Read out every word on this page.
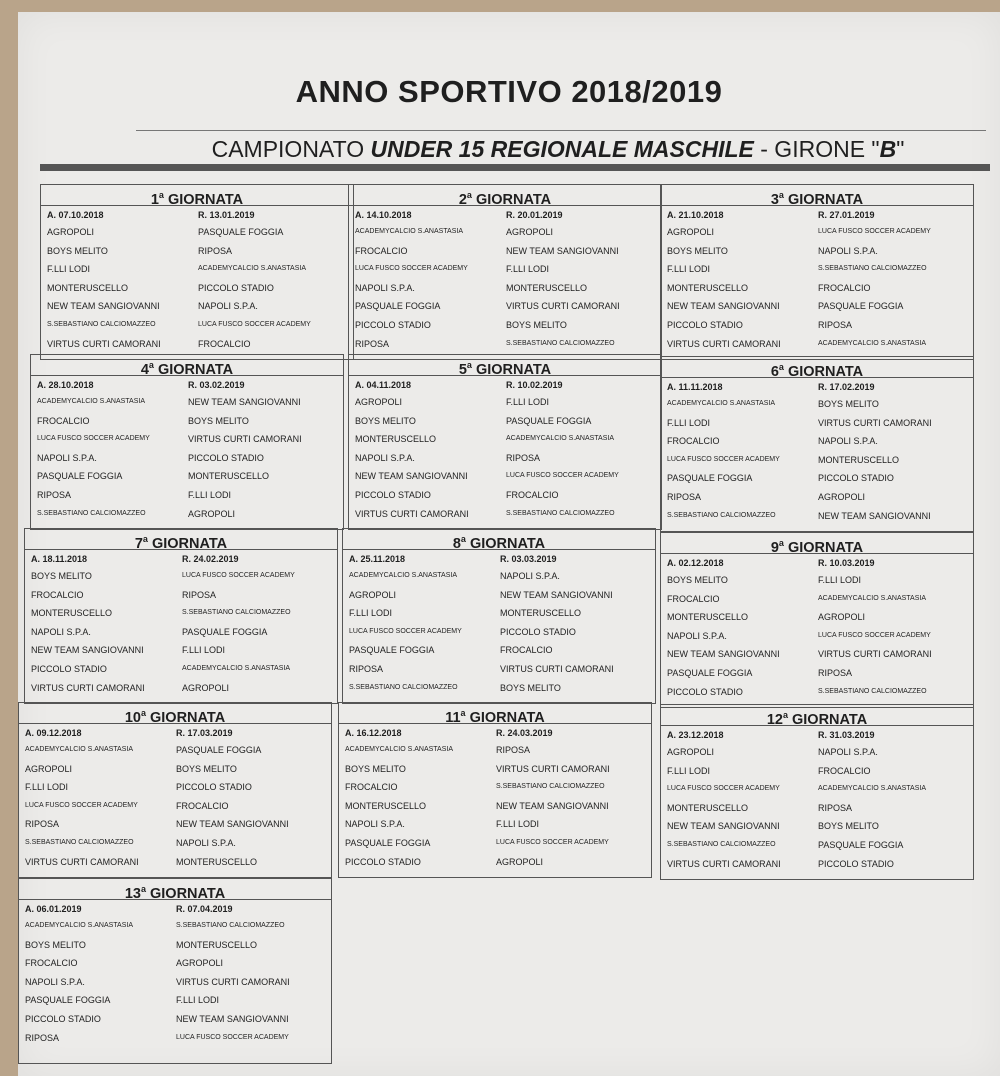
ANNO SPORTIVO 2018/2019
CAMPIONATO UNDER 15 REGIONALE MASCHILE - GIRONE "B"
1$^a$ GIORNATA
A. 07.10.2018
AGROPOLI
BOYS MELITO
F.LLI LODI
MONTERUSCELLO
NEW TEAM SANGIOVANNI
S.SEBASTIANO CALCIOMAZZEO
VIRTUS CURTI CAMORANI
R. 13.01.2019
PASQUALE FOGGIA
RIPOSA
ACADEMYCALCIO S.ANASTASIA
PICCOLO STADIO
NAPOLI S.P.A.
LUCA FUSCO SOCCER ACADEMY
FROCALCIO
2$^a$ GIORNATA
A. 14.10.2018
ACADEMYCALCIO S.ANASTASIA
FROCALCIO
LUCA FUSCO SOCCER ACADEMY
NAPOLI S.P.A.
PASQUALE FOGGIA
PICCOLO STADIO
RIPOSA
R. 20.01.2019
AGROPOLI
NEW TEAM SANGIOVANNI
F.LLI LODI
MONTERUSCELLO
VIRTUS CURTI CAMORANI
BOYS MELITO
S.SEBASTIANO CALCIOMAZZEO
3$^a$ GIORNATA
A. 21.10.2018
AGROPOLI
BOYS MELITO
F.LLI LODI
MONTERUSCELLO
NEW TEAM SANGIOVANNI
PICCOLO STADIO
VIRTUS CURTI CAMORANI
R. 27.01.2019
LUCA FUSCO SOCCER ACADEMY
NAPOLI S.P.A.
S.SEBASTIANO CALCIOMAZZEO
FROCALCIO
PASQUALE FOGGIA
RIPOSA
ACADEMYCALCIO S.ANASTASIA
4$^a$ GIORNATA
A. 28.10.2018
ACADEMYCALCIO S.ANASTASIA
FROCALCIO
LUCA FUSCO SOCCER ACADEMY
NAPOLI S.P.A.
PASQUALE FOGGIA
RIPOSA
S.SEBASTIANO CALCIOMAZZEO
R. 03.02.2019
NEW TEAM SANGIOVANNI
BOYS MELITO
VIRTUS CURTI CAMORANI
PICCOLO STADIO
MONTERUSCELLO
F.LLI LODI
AGROPOLI
5$^a$ GIORNATA
A. 04.11.2018
AGROPOLI
BOYS MELITO
MONTERUSCELLO
NAPOLI S.P.A.
NEW TEAM SANGIOVANNI
PICCOLO STADIO
VIRTUS CURTI CAMORANI
R. 10.02.2019
F.LLI LODI
PASQUALE FOGGIA
ACADEMYCALCIO S.ANASTASIA
RIPOSA
LUCA FUSCO SOCCER ACADEMY
FROCALCIO
S.SEBASTIANO CALCIOMAZZEO
6$^a$ GIORNATA
A. 11.11.2018
ACADEMYCALCIO S.ANASTASIA
F.LLI LODI
FROCALCIO
LUCA FUSCO SOCCER ACADEMY
PASQUALE FOGGIA
RIPOSA
S.SEBASTIANO CALCIOMAZZEO
R. 17.02.2019
BOYS MELITO
VIRTUS CURTI CAMORANI
NAPOLI S.P.A.
MONTERUSCELLO
PICCOLO STADIO
AGROPOLI
NEW TEAM SANGIOVANNI
7$^a$ GIORNATA
A. 18.11.2018
BOYS MELITO
FROCALCIO
MONTERUSCELLO
NAPOLI S.P.A.
NEW TEAM SANGIOVANNI
PICCOLO STADIO
VIRTUS CURTI CAMORANI
R. 24.02.2019
LUCA FUSCO SOCCER ACADEMY
RIPOSA
S.SEBASTIANO CALCIOMAZZEO
PASQUALE FOGGIA
F.LLI LODI
ACADEMYCALCIO S.ANASTASIA
AGROPOLI
8$^a$ GIORNATA
A. 25.11.2018
ACADEMYCALCIO S.ANASTASIA
AGROPOLI
F.LLI LODI
LUCA FUSCO SOCCER ACADEMY
PASQUALE FOGGIA
RIPOSA
S.SEBASTIANO CALCIOMAZZEO
R. 03.03.2019
NAPOLI S.P.A.
NEW TEAM SANGIOVANNI
MONTERUSCELLO
PICCOLO STADIO
FROCALCIO
VIRTUS CURTI CAMORANI
BOYS MELITO
9$^a$ GIORNATA
A. 02.12.2018
BOYS MELITO
FROCALCIO
MONTERUSCELLO
NAPOLI S.P.A.
NEW TEAM SANGIOVANNI
PASQUALE FOGGIA
PICCOLO STADIO
R. 10.03.2019
F.LLI LODI
ACADEMYCALCIO S.ANASTASIA
AGROPOLI
LUCA FUSCO SOCCER ACADEMY
VIRTUS CURTI CAMORANI
RIPOSA
S.SEBASTIANO CALCIOMAZZEO
10$^a$ GIORNATA
A. 09.12.2018
ACADEMYCALCIO S.ANASTASIA
AGROPOLI
F.LLI LODI
LUCA FUSCO SOCCER ACADEMY
RIPOSA
S.SEBASTIANO CALCIOMAZZEO
VIRTUS CURTI CAMORANI
R. 17.03.2019
PASQUALE FOGGIA
BOYS MELITO
PICCOLO STADIO
FROCALCIO
NEW TEAM SANGIOVANNI
NAPOLI S.P.A.
MONTERUSCELLO
11$^a$ GIORNATA
A. 16.12.2018
ACADEMYCALCIO S.ANASTASIA
BOYS MELITO
FROCALCIO
MONTERUSCELLO
NAPOLI S.P.A.
PASQUALE FOGGIA
PICCOLO STADIO
R. 24.03.2019
RIPOSA
VIRTUS CURTI CAMORANI
S.SEBASTIANO CALCIOMAZZEO
NEW TEAM SANGIOVANNI
F.LLI LODI
LUCA FUSCO SOCCER ACADEMY
AGROPOLI
12$^a$ GIORNATA
A. 23.12.2018
AGROPOLI
F.LLI LODI
LUCA FUSCO SOCCER ACADEMY
MONTERUSCELLO
NEW TEAM SANGIOVANNI
S.SEBASTIANO CALCIOMAZZEO
VIRTUS CURTI CAMORANI
R. 31.03.2019
NAPOLI S.P.A.
FROCALCIO
ACADEMYCALCIO S.ANASTASIA
RIPOSA
BOYS MELITO
PASQUALE FOGGIA
PICCOLO STADIO
13$^a$ GIORNATA
A. 06.01.2019
ACADEMYCALCIO S.ANASTASIA
BOYS MELITO
FROCALCIO
NAPOLI S.P.A.
PASQUALE FOGGIA
PICCOLO STADIO
RIPOSA
R. 07.04.2019
S.SEBASTIANO CALCIOMAZZEO
MONTERUSCELLO
AGROPOLI
VIRTUS CURTI CAMORANI
F.LLI LODI
NEW TEAM SANGIOVANNI
LUCA FUSCO SOCCER ACADEMY
